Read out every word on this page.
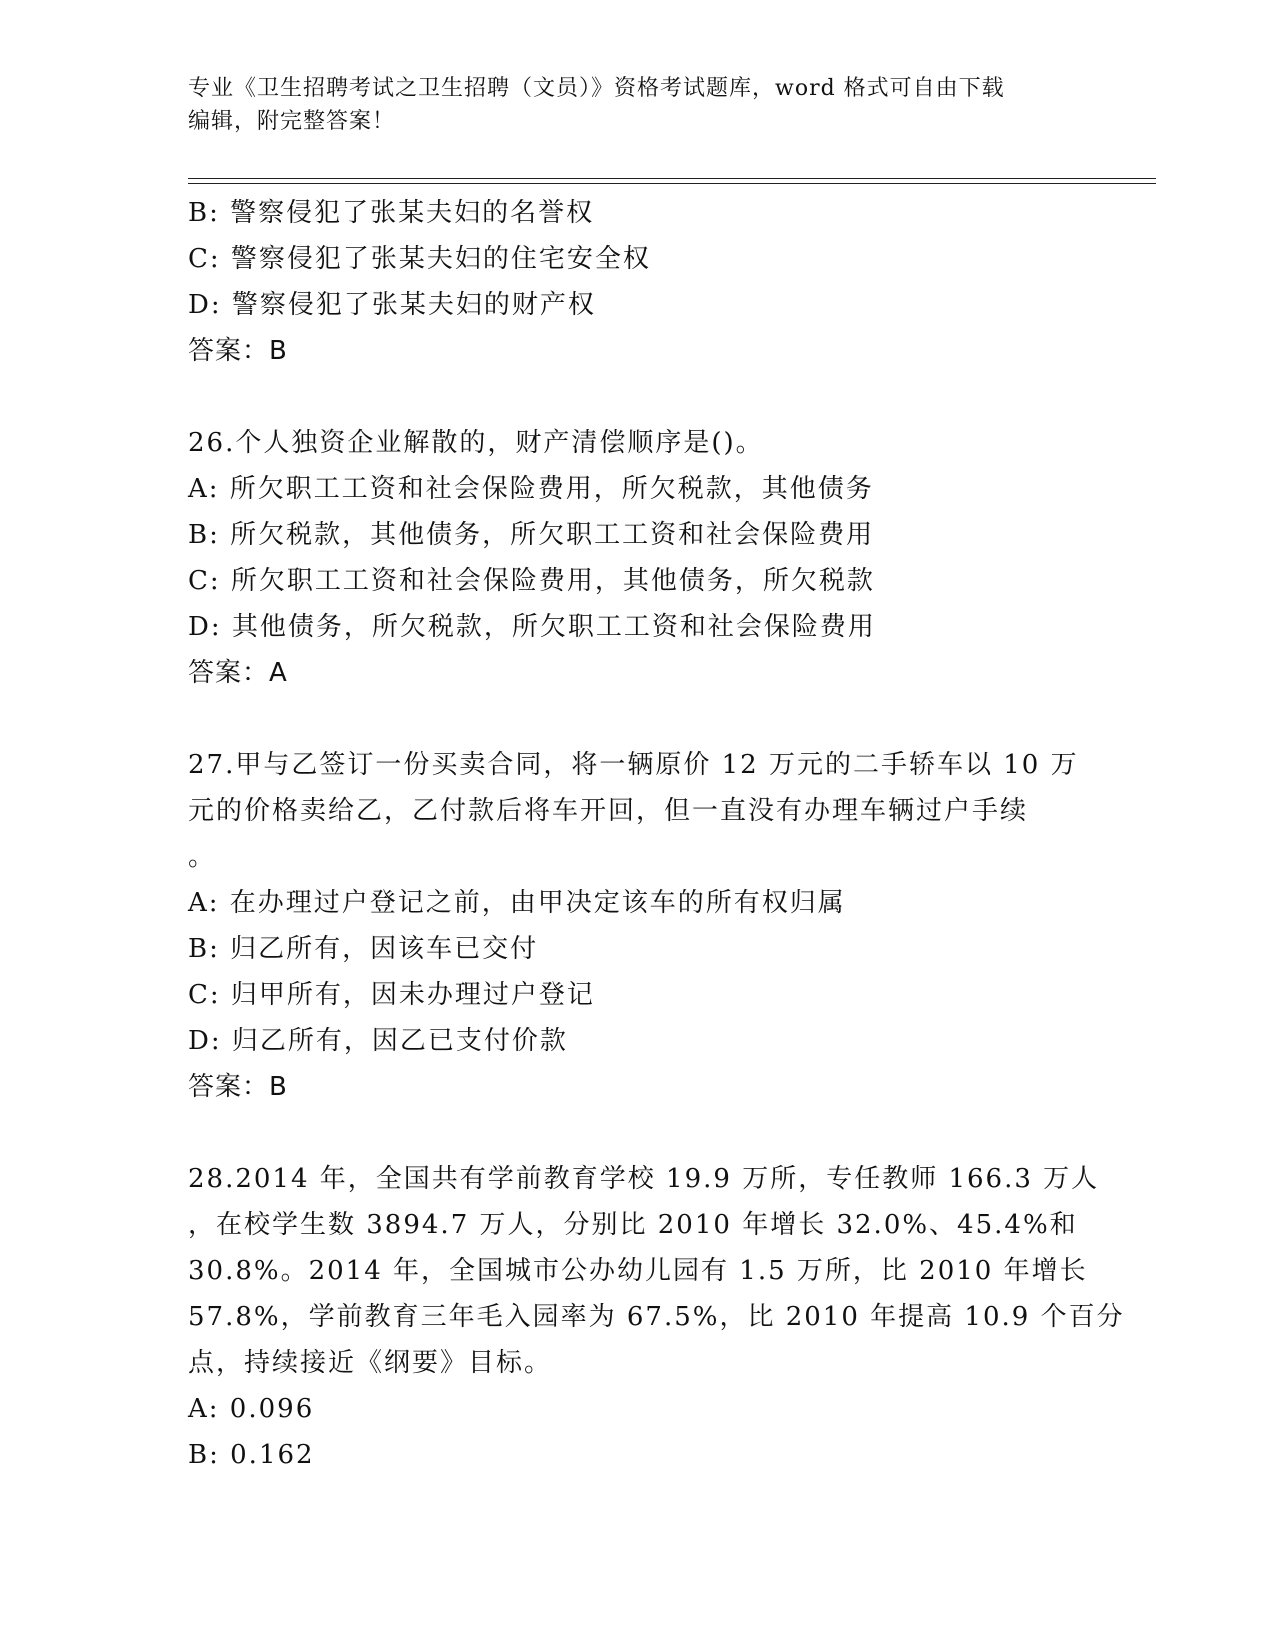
专业《卫生招聘考试之卫生招聘（文员）》资格考试题库，word 格式可自由下载
编辑，附完整答案！
B: 警察侵犯了张某夫妇的名誉权
C: 警察侵犯了张某夫妇的住宅安全权
D: 警察侵犯了张某夫妇的财产权
答案：B
26.个人独资企业解散的，财产清偿顺序是()。
A: 所欠职工工资和社会保险费用，所欠税款，其他债务
B: 所欠税款，其他债务，所欠职工工资和社会保险费用
C: 所欠职工工资和社会保险费用，其他债务，所欠税款
D: 其他债务，所欠税款，所欠职工工资和社会保险费用
答案：A
27.甲与乙签订一份买卖合同，将一辆原价 12 万元的二手轿车以 10 万
元的价格卖给乙，乙付款后将车开回，但一直没有办理车辆过户手续
。
A: 在办理过户登记之前，由甲决定该车的所有权归属
B: 归乙所有，因该车已交付
C: 归甲所有，因未办理过户登记
D: 归乙所有，因乙已支付价款
答案：B
28.2014 年，全国共有学前教育学校 19.9 万所，专任教师 166.3 万人
，在校学生数 3894.7 万人，分别比 2010 年增长 32.0%、45.4%和
30.8%。2014 年，全国城市公办幼儿园有 1.5 万所，比 2010 年增长
57.8%，学前教育三年毛入园率为 67.5%，比 2010 年提高 10.9 个百分
点，持续接近《纲要》目标。
A: 0.096
B: 0.162
